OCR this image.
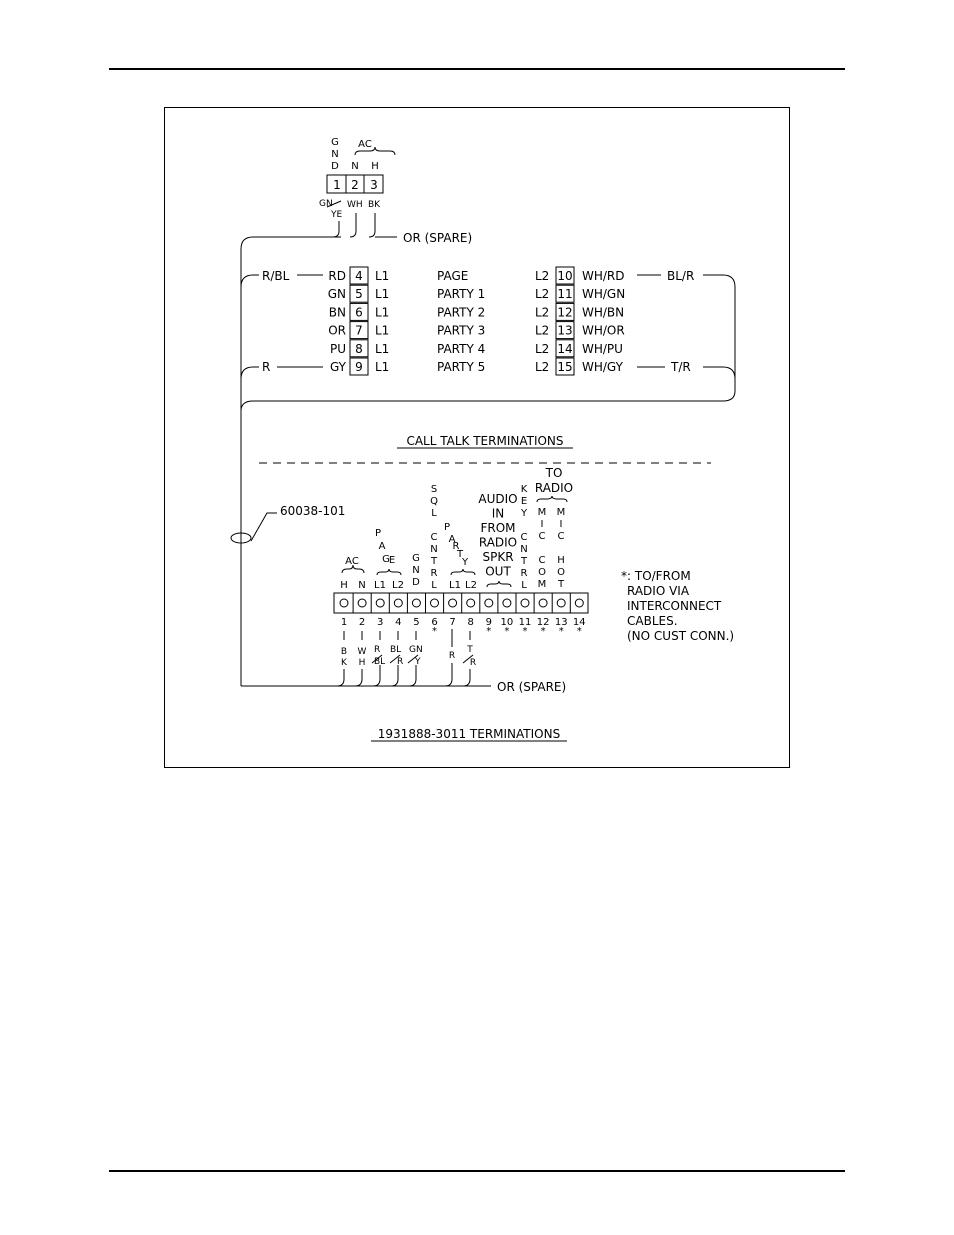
G
N
D
AC
N H
1 2 3
GN
YE
WH BK
OR (SPARE)
R/BL
R
BL/R
T/R
RD 4 L1	PAGE	L2 10 WH/RD
GN 5 L1	PARTY 1	L2 11 WH/GN
BN 6 L1	PARTY 2	L2 12 WH/BN
OR 7 L1	PARTY 3	L2 13 WH/OR
PU 8 L1	PARTY 4	L2 14 WH/PU
GY 9 L1	PARTY 5	L2 15 WH/GY
CALL TALK TERMINATIONS
60038-101
AC
H N
P
A
G
E
L1 L2
G
N
D
S
Q
L
C
N
T
R
L
P
A
R
T
Y
L1 L2
AUDIO
IN
FROM
RADIO
SPKR
OUT
K
E
Y
C
N
T
R
L
TO
RADIO
M
I
C
C
O
M
M
I
C
H
O
T
1 2 3 4 5 6
*
7 8 9
*
10
*
11
*
12
*
13
*
14
*
B
K
W
H
R
BL
BL
R
GN
Y
R
T
R
OR (SPARE)
*: TO/FROM
RADIO VIA
INTERCONNECT
CABLES.
(NO CUST CONN.)
1931888-3011 TERMINATIONS
